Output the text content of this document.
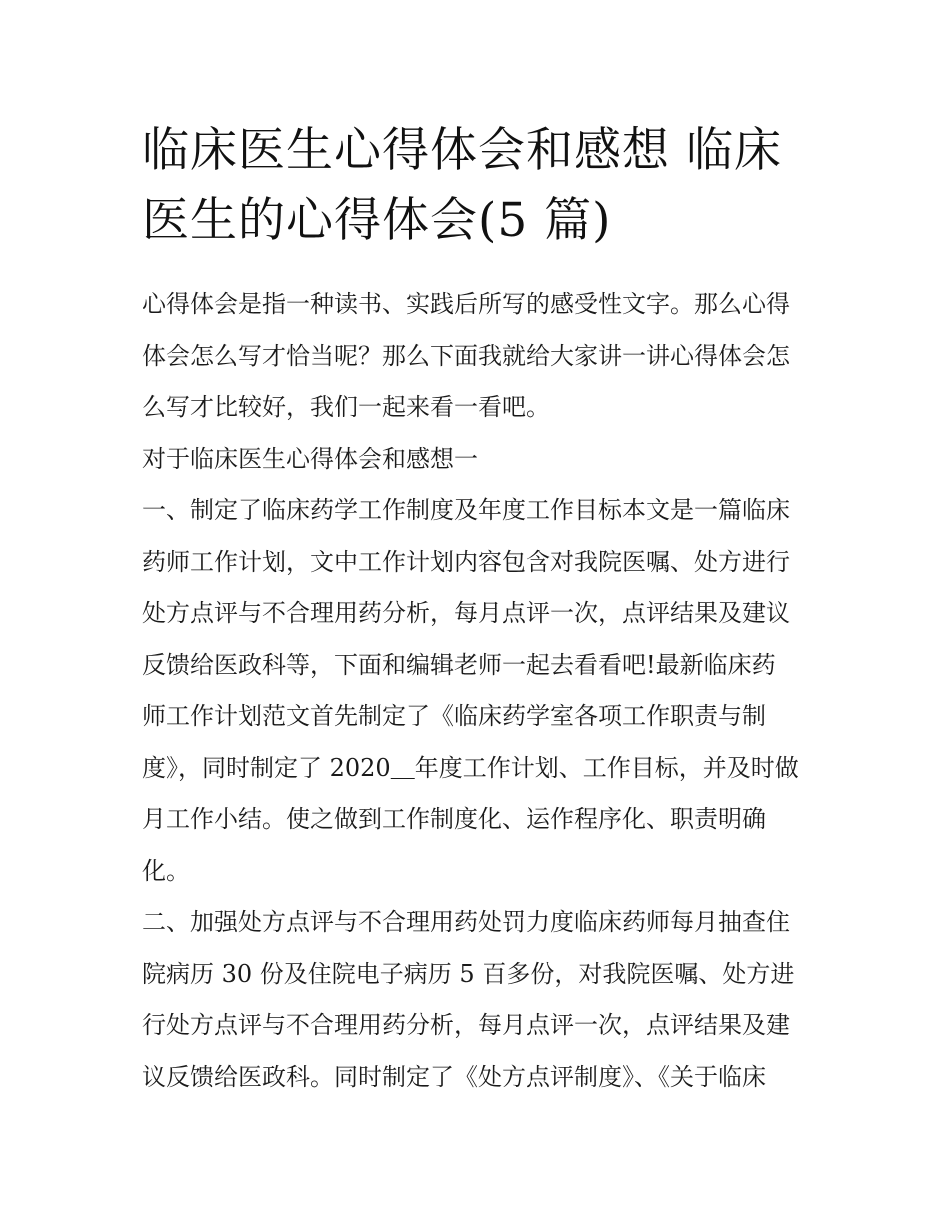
临床医生心得体会和感想 临床
医生的心得体会(5 篇)
心得体会是指一种读书、实践后所写的感受性文字。那么心得
体会怎么写才恰当呢？那么下面我就给大家讲一讲心得体会怎
么写才比较好，我们一起来看一看吧。
对于临床医生心得体会和感想一
一、制定了临床药学工作制度及年度工作目标本文是一篇临床
药师工作计划，文中工作计划内容包含对我院医嘱、处方进行
处方点评与不合理用药分析，每月点评一次，点评结果及建议
反馈给医政科等，下面和编辑老师一起去看看吧!最新临床药
师工作计划范文首先制定了《临床药学室各项工作职责与制
度》，同时制定了 2020＿年度工作计划、工作目标，并及时做
月工作小结。使之做到工作制度化、运作程序化、职责明确
化。
二、加强处方点评与不合理用药处罚力度临床药师每月抽查住
院病历 30 份及住院电子病历 5 百多份，对我院医嘱、处方进
行处方点评与不合理用药分析，每月点评一次，点评结果及建
议反馈给医政科。同时制定了《处方点评制度》、《关于临床
